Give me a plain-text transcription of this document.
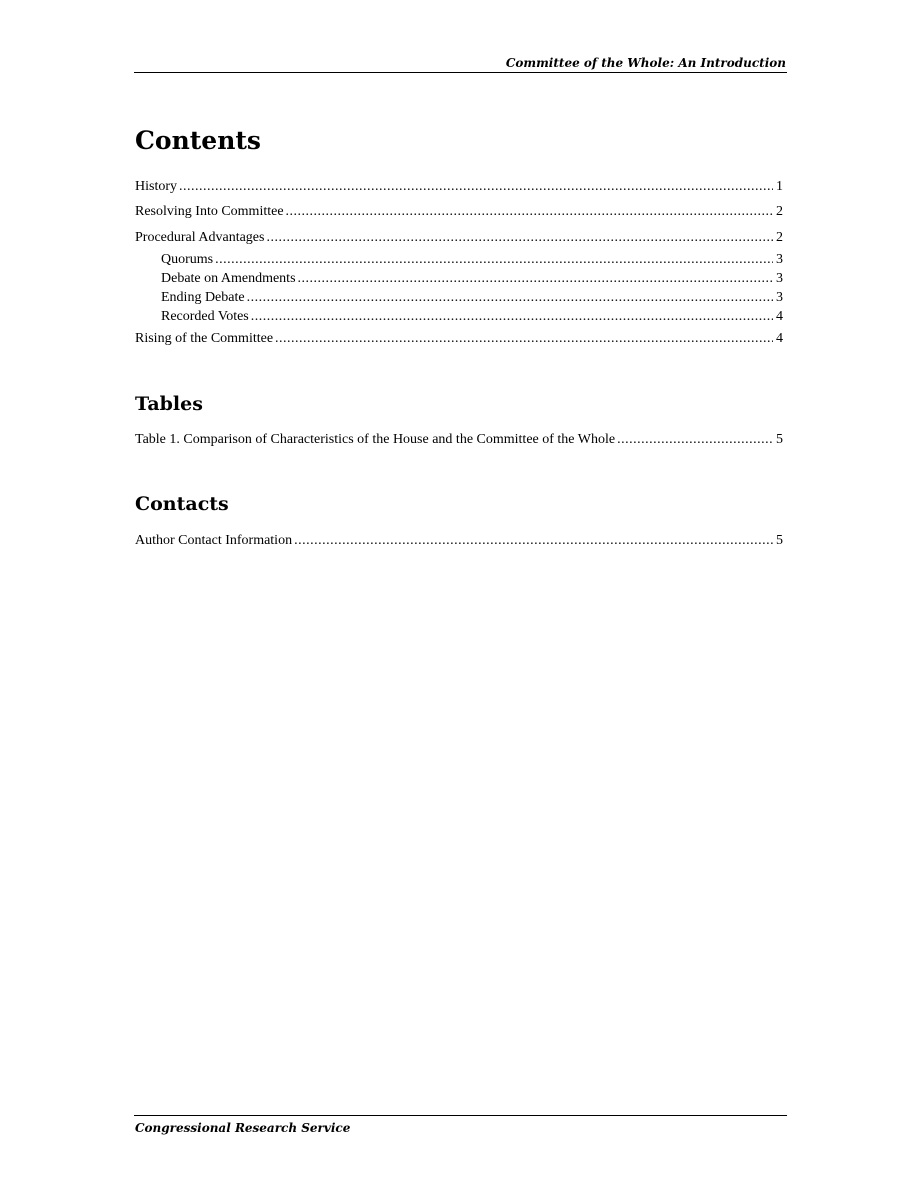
Committee of the Whole: An Introduction
Contents
History . . .	1
Resolving Into Committee . . .	2
Procedural Advantages . . .	2
Quorums . . .	3
Debate on Amendments . . .	3
Ending Debate . . .	3
Recorded Votes . . .	4
Rising of the Committee . . .	4
Tables
Table 1. Comparison of Characteristics of the House and the Committee of the Whole . . .	5
Contacts
Author Contact Information . . .	5
Congressional Research Service
